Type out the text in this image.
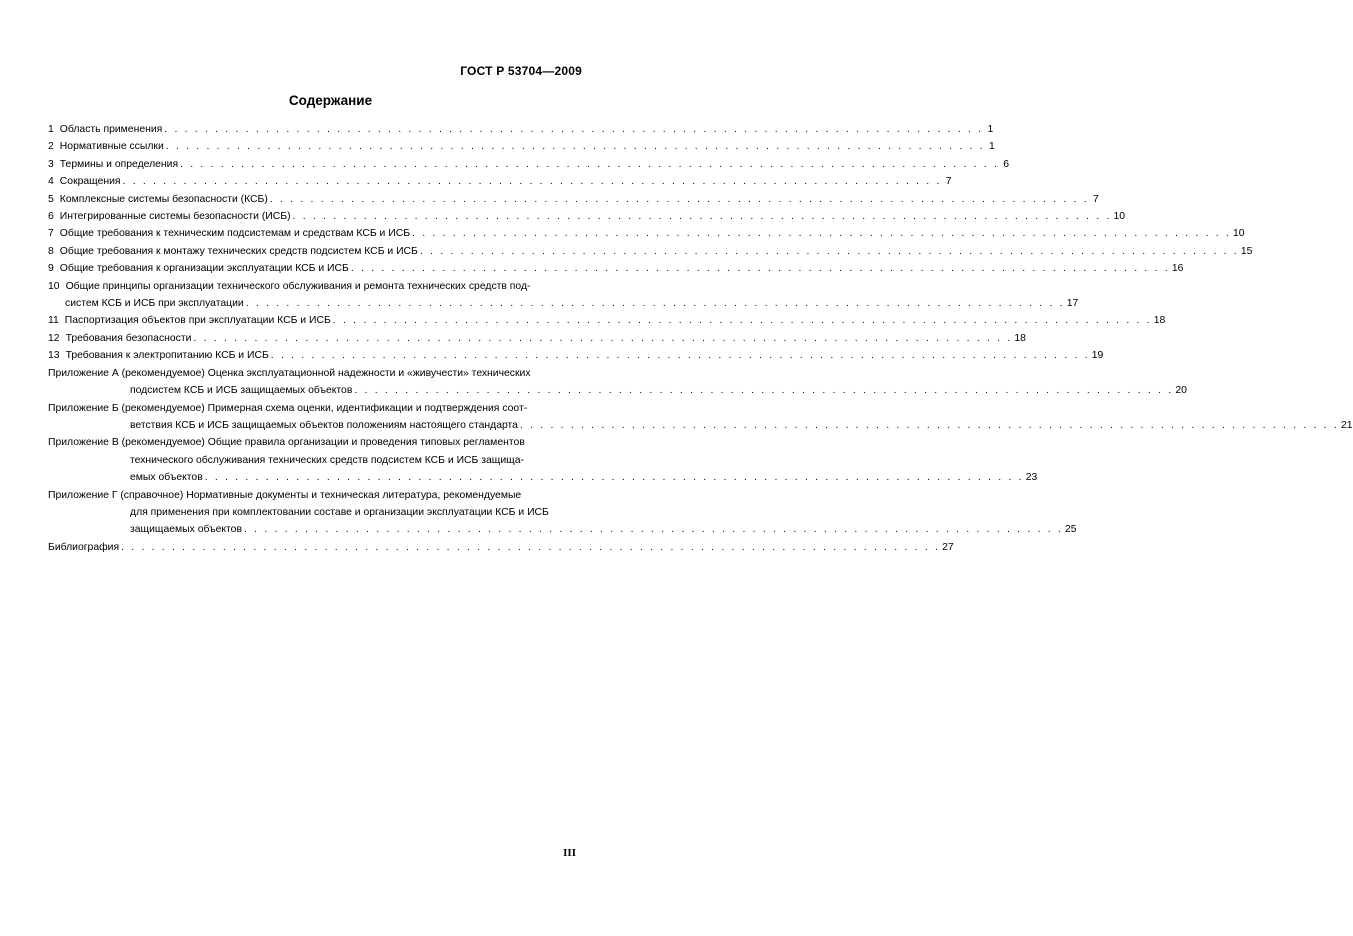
ГОСТ Р 53704—2009
Содержание
1 Область применения . . . . . . . . . . . . . . . . . . . . . . . . . . . . . . . . . . . . . . . . . . . . . . . . . . . . . . . . . . . . . . . . . . . . . . . . . . . . . . . . . 1
2 Нормативные ссылки . . . . . . . . . . . . . . . . . . . . . . . . . . . . . . . . . . . . . . . . . . . . . . . . . . . . . . . . . . . . . . . . . . . . . . . . . . . . . . . . . 1
3 Термины и определения . . . . . . . . . . . . . . . . . . . . . . . . . . . . . . . . . . . . . . . . . . . . . . . . . . . . . . . . . . . . . . . . . . . . . . . . . . . . . . . . . 6
4 Сокращения . . . . . . . . . . . . . . . . . . . . . . . . . . . . . . . . . . . . . . . . . . . . . . . . . . . . . . . . . . . . . . . . . . . . . . . . . . . . . . . . . 7
5 Комплексные системы безопасности (КСБ) . . . . . . . . . . . . . . . . . . . . . . . . . . . . . . . . . . . . . . . . . . . . . . . . . . . . . . . . . . . . . . . . . . . . . . . . . . . . . . . . . 7
6 Интегрированные системы безопасности (ИСБ) . . . . . . . . . . . . . . . . . . . . . . . . . . . . . . . . . . . . . . . . . . . . . . . . . . . . . . . . . . . . . . . . . . . . . . . . . . . . . . . . . 10
7 Общие требования к техническим подсистемам и средствам КСБ и ИСБ . . . . . . . . . . . . . . . . . . . . . . . . . . . . . . . . . . . . . . . . . . . . . . . . . . . . . . . . . . . . . . . . . . . . . . . . . . . . . . . . . 10
8 Общие требования к монтажу технических средств подсистем КСБ и ИСБ . . . . . . . . . . . . . . . . . . . . . . . . . . . . . . . . . . . . . . . . . . . . . . . . . . . . . . . . . . . . . . . . . . . . . . . . . . . . . . . . . 15
9 Общие требования к организации эксплуатации КСБ и ИСБ . . . . . . . . . . . . . . . . . . . . . . . . . . . . . . . . . . . . . . . . . . . . . . . . . . . . . . . . . . . . . . . . . . . . . . . . . . . . . . . . . 16
10 Общие принципы организации технического обслуживания и ремонта технических средств под-
систем КСБ и ИСБ при эксплуатации . . . . . . . . . . . . . . . . . . . . . . . . . . . . . . . . . . . . . . . . . . . . . . . . . . . . . . . . . . . . . . . . . . . . . . . . . . . . . . . . . 17
11 Паспортизация объектов при эксплуатации КСБ и ИСБ . . . . . . . . . . . . . . . . . . . . . . . . . . . . . . . . . . . . . . . . . . . . . . . . . . . . . . . . . . . . . . . . . . . . . . . . . . . . . . . . . 18
12 Требования безопасности . . . . . . . . . . . . . . . . . . . . . . . . . . . . . . . . . . . . . . . . . . . . . . . . . . . . . . . . . . . . . . . . . . . . . . . . . . . . . . . . . 18
13 Требования к электропитанию КСБ и ИСБ . . . . . . . . . . . . . . . . . . . . . . . . . . . . . . . . . . . . . . . . . . . . . . . . . . . . . . . . . . . . . . . . . . . . . . . . . . . . . . . . . 19
Приложение А (рекомендуемое) Оценка эксплуатационной надежности и «живучести» технических
подсистем КСБ и ИСБ защищаемых объектов . . . . . . . . . . . . . . . . . . . . . . . . . . . . . . . . . . . . . . . . . . . . . . . . . . . . . . . . . . . . . . . . . . . . . . . . . . . . . . . . . 20
Приложение Б (рекомендуемое) Примерная схема оценки, идентификации и подтверждения соот-
ветствия КСБ и ИСБ защищаемых объектов положениям настоящего стандарта . . . . . . . . . . . . . . . . . . . . . . . . . . . . . . . . . . . . . . . . . . . . . . . . . . . . . . . . . . . . . . . . . . . . . . . . . . . . . . . . . 21
Приложение В (рекомендуемое) Общие правила организации и проведения типовых регламентов
технического обслуживания технических средств подсистем КСБ и ИСБ защища-
емых объектов . . . . . . . . . . . . . . . . . . . . . . . . . . . . . . . . . . . . . . . . . . . . . . . . . . . . . . . . . . . . . . . . . . . . . . . . . . . . . . . . . 23
Приложение Г (справочное) Нормативные документы и техническая литература, рекомендуемые
для применения при комплектовании составе и организации эксплуатации КСБ и ИСБ
защищаемых объектов . . . . . . . . . . . . . . . . . . . . . . . . . . . . . . . . . . . . . . . . . . . . . . . . . . . . . . . . . . . . . . . . . . . . . . . . . . . . . . . . . 25
Библиография . . . . . . . . . . . . . . . . . . . . . . . . . . . . . . . . . . . . . . . . . . . . . . . . . . . . . . . . . . . . . . . . . . . . . . . . . . . . . . . . . 27
III
